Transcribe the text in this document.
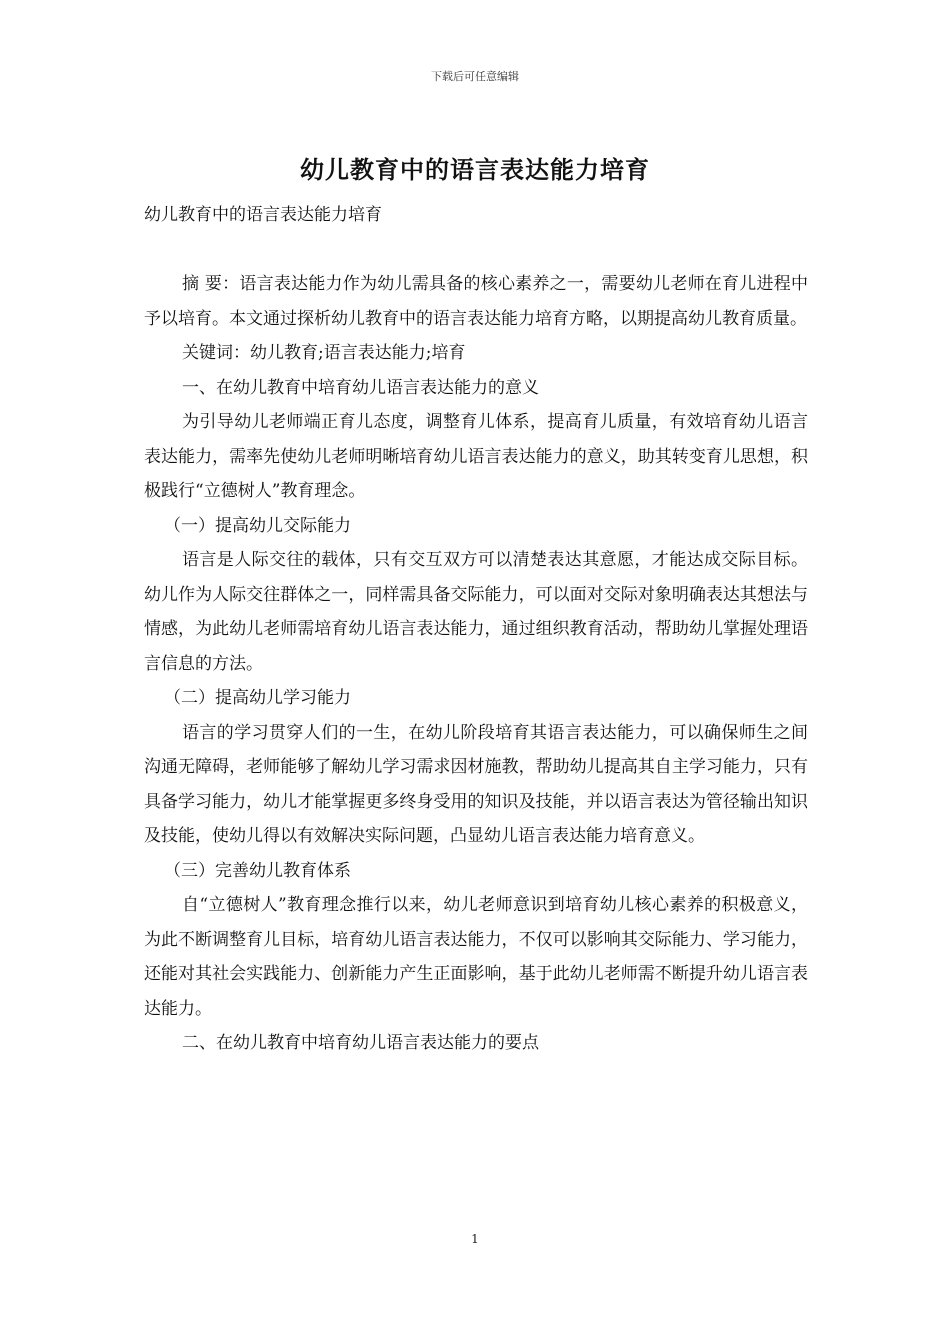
下载后可任意编辑
幼儿教育中的语言表达能力培育

幼儿教育中的语言表达能力培育

摘 要：语言表达能力作为幼儿需具备的核心素养之一，需要幼儿老师在育儿进程中予以培育。本文通过探析幼儿教育中的语言表达能力培育方略，以期提高幼儿教育质量。

关键词：幼儿教育;语言表达能力;培育

一、在幼儿教育中培育幼儿语言表达能力的意义

为引导幼儿老师端正育儿态度，调整育儿体系，提高育儿质量，有效培育幼儿语言表达能力，需率先使幼儿老师明晰培育幼儿语言表达能力的意义，助其转变育儿思想，积极践行“立德树人”教育理念。

（一）提高幼儿交际能力

语言是人际交往的载体，只有交互双方可以清楚表达其意愿，才能达成交际目标。幼儿作为人际交往群体之一，同样需具备交际能力，可以面对交际对象明确表达其想法与情感，为此幼儿老师需培育幼儿语言表达能力，通过组织教育活动，帮助幼儿掌握处理语言信息的方法。

（二）提高幼儿学习能力

语言的学习贯穿人们的一生，在幼儿阶段培育其语言表达能力，可以确保师生之间沟通无障碍，老师能够了解幼儿学习需求因材施教，帮助幼儿提高其自主学习能力，只有具备学习能力，幼儿才能掌握更多终身受用的知识及技能，并以语言表达为管径输出知识及技能，使幼儿得以有效解决实际问题，凸显幼儿语言表达能力培育意义。

（三）完善幼儿教育体系

自“立德树人”教育理念推行以来，幼儿老师意识到培育幼儿核心素养的积极意义，为此不断调整育儿目标，培育幼儿语言表达能力，不仅可以影响其交际能力、学习能力，还能对其社会实践能力、创新能力产生正面影响，基于此幼儿老师需不断提升幼儿语言表达能力。

二、在幼儿教育中培育幼儿语言表达能力的要点

1
